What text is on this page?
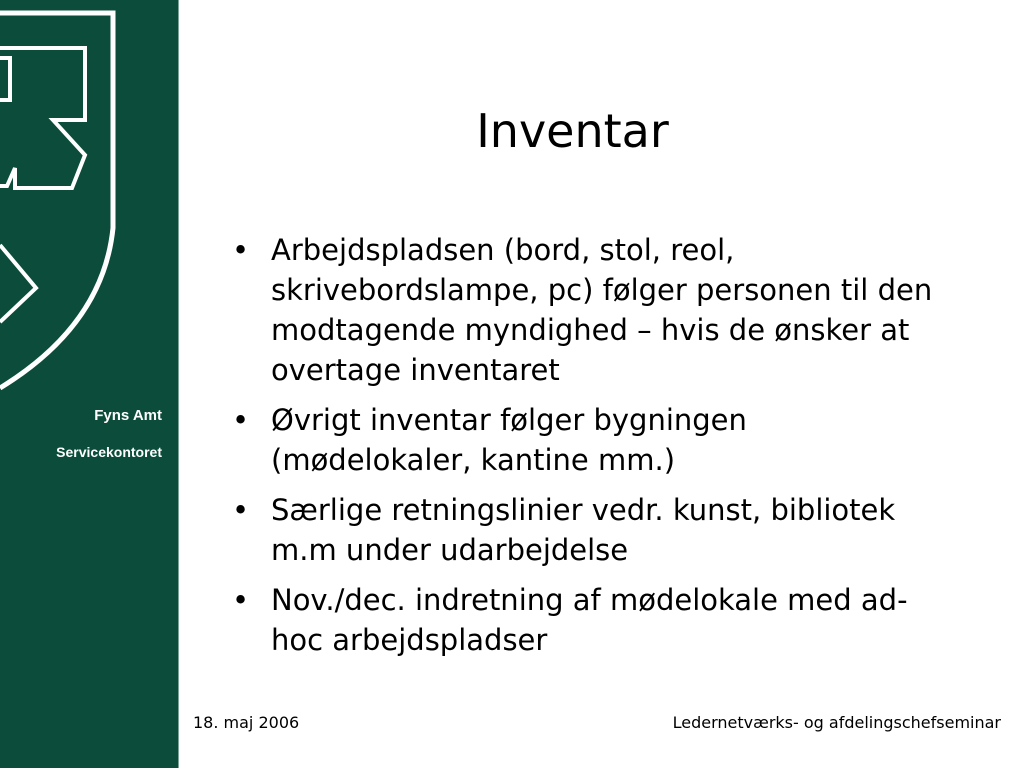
Fyns Amt
Servicekontoret
Inventar
• Arbejdspladsen (bord, stol, reol, skrivebordslampe, pc) følger personen til den modtagende myndighed – hvis de ønsker at overtage inventaret
• Øvrigt inventar følger bygningen (mødelokaler, kantine mm.)
• Særlige retningslinier vedr. kunst, bibliotek m.m under udarbejdelse
• Nov./dec. indretning af mødelokale med ad-hoc arbejdspladser
18. maj 2006	Ledernetværks- og afdelingschefseminar
